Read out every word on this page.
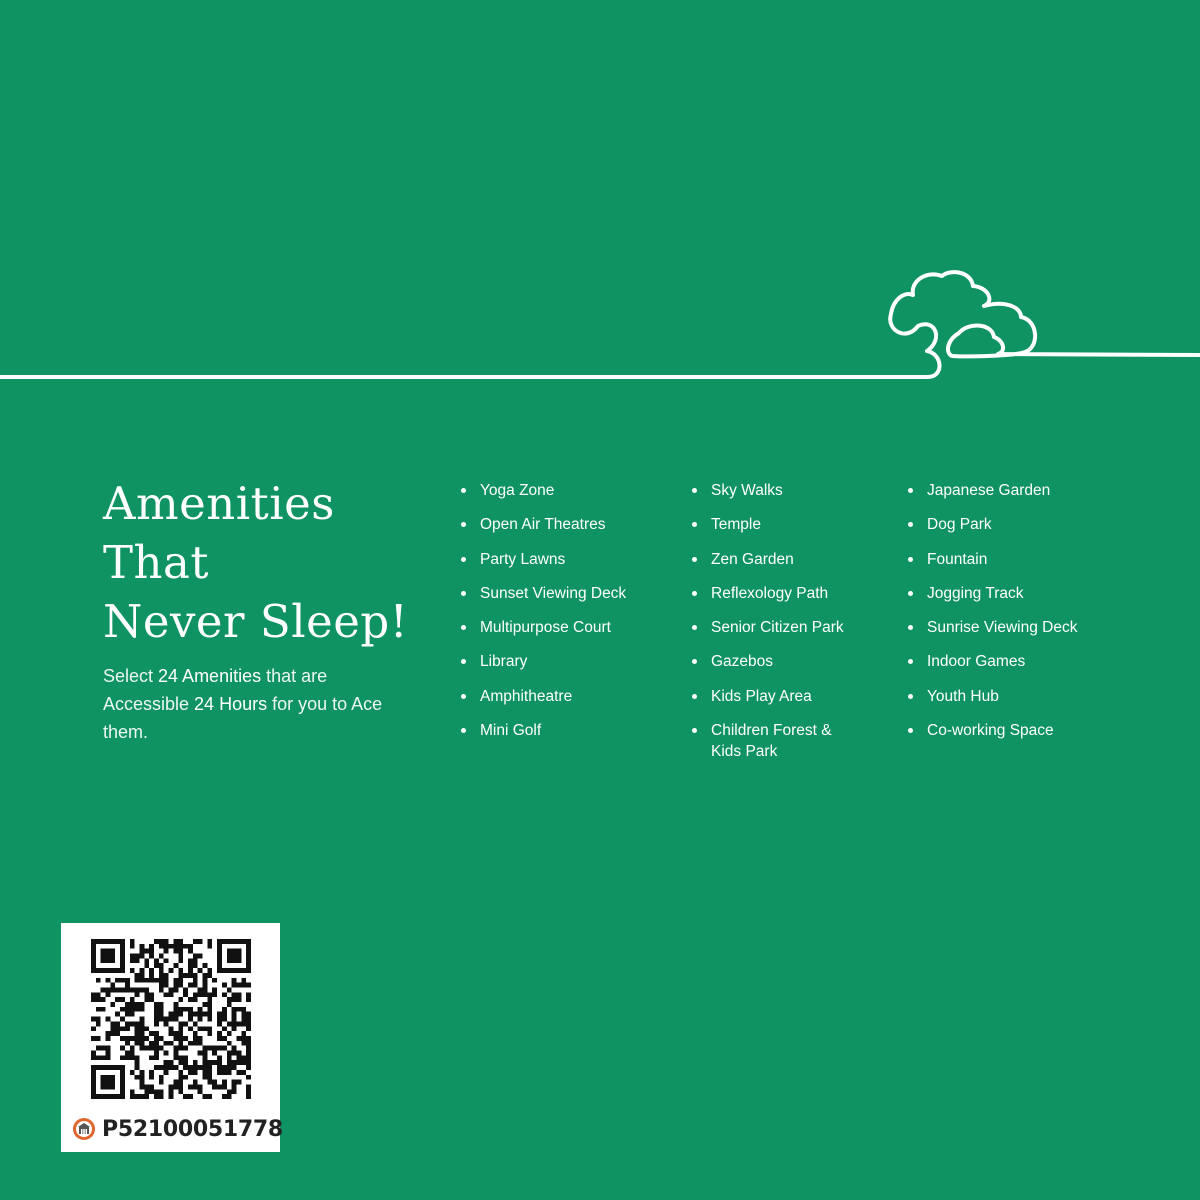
Amenities
That
Never Sleep!

Select 24 Amenities that are Accessible 24 Hours for you to Ace them.

Yoga Zone
Open Air Theatres
Party Lawns
Sunset Viewing Deck
Multipurpose Court
Library
Amphitheatre
Mini Golf
Sky Walks
Temple
Zen Garden
Reflexology Path
Senior Citizen Park
Gazebos
Kids Play Area
Children Forest & Kids Park
Japanese Garden
Dog Park
Fountain
Jogging Track
Sunrise Viewing Deck
Indoor Games
Youth Hub
Co-working Space
P52100051778
